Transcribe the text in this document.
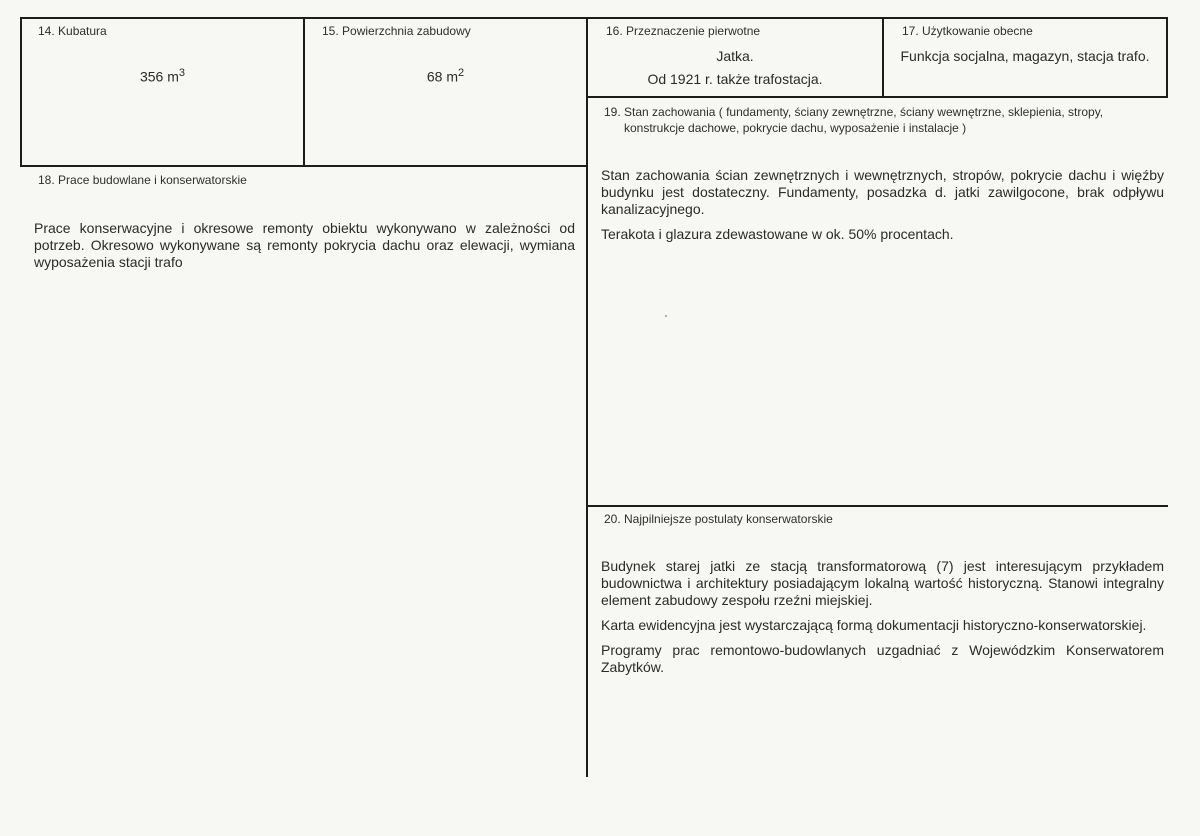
14. Kubatura
356 $m^3$
15. Powierzchnia zabudowy
68 $m^2$
16. Przeznaczenie pierwotne
Jatka.
Od 1921 r. także trafostacja.
17. Użytkowanie obecne
Funkcja socjalna, magazyn, stacja trafo.
18. Prace budowlane i konserwatorskie

Prace konserwacyjne i okresowe remonty obiektu wykonywano w zależności od potrzeb. Okresowo wykonywane są remonty pokrycia dachu oraz elewacji, wymiana wyposażenia stacji trafo

19. Stan zachowania ( fundamenty, ściany zewnętrzne, ściany wewnętrzne, sklepienia, stropy,
konstrukcje dachowe, pokrycie dachu, wyposażenie i instalacje )

Stan zachowania ścian zewnętrznych i wewnętrznych, stropów, pokrycie dachu i więźby budynku jest dostateczny. Fundamenty, posadzka d. jatki zawilgocone, brak odpływu kanalizacyjnego.

Terakota i glazura zdewastowane w ok. 50% procentach.

20. Najpilniejsze postulaty konserwatorskie

Budynek starej jatki ze stacją transformatorową (7) jest interesującym przykładem budownictwa i architektury posiadającym lokalną wartość historyczną. Stanowi integralny element zabudowy zespołu rzeźni miejskiej.

Karta ewidencyjna jest wystarczającą formą dokumentacji historyczno-konserwatorskiej.

Programy prac remontowo-budowlanych uzgadniać z Wojewódzkim Konserwatorem Zabytków.
